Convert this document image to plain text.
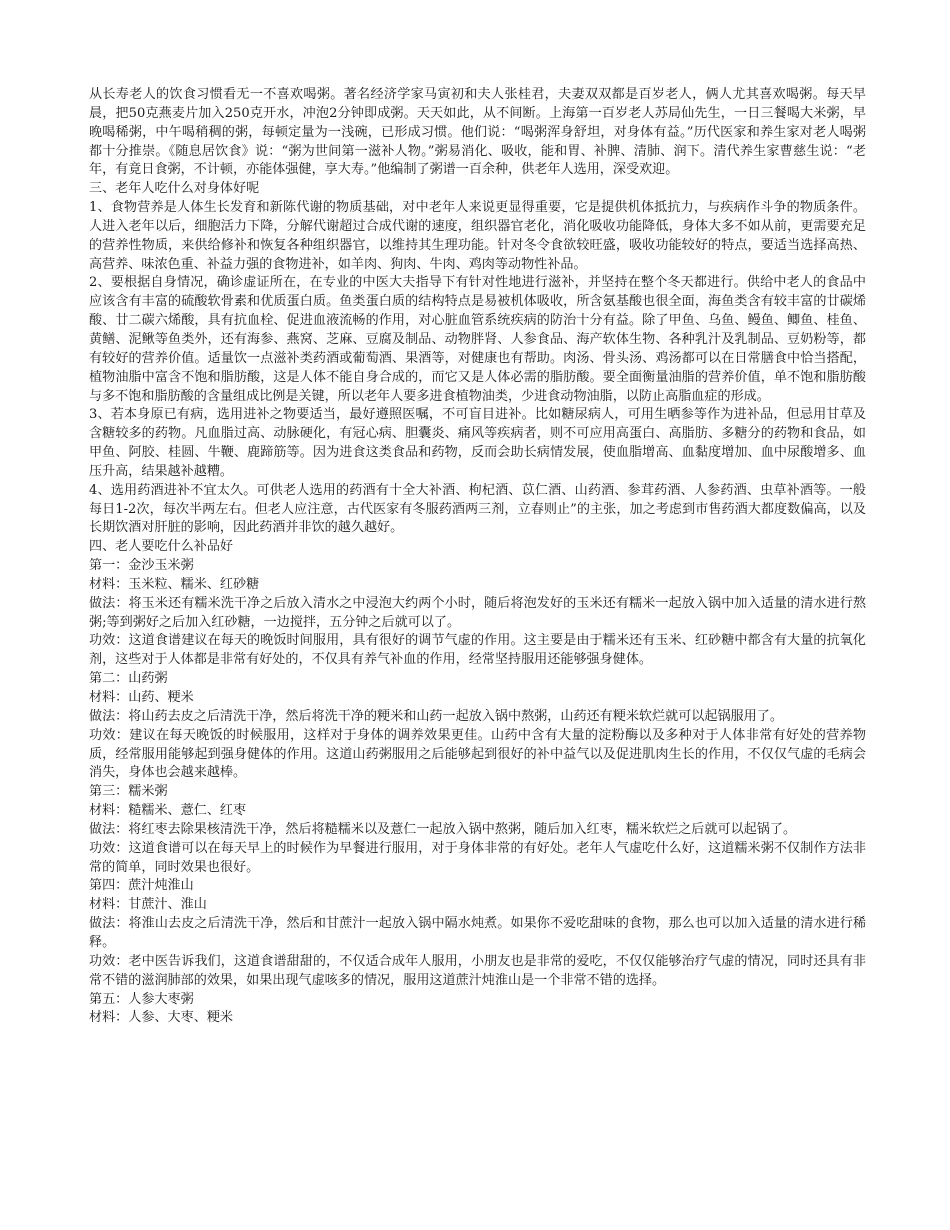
从长寿老人的饮食习惯看无一不喜欢喝粥。著名经济学家马寅初和夫人张桂君，夫妻双双都是百岁老人，俩人尤其喜欢喝粥。每天早晨，把50克燕麦片加入250克开水，冲泡2分钟即成粥。天天如此，从不间断。上海第一百岁老人苏局仙先生，一日三餐喝大米粥，早晚喝稀粥，中午喝稍稠的粥，每顿定量为一浅碗，已形成习惯。他们说：“喝粥浑身舒坦，对身体有益。”历代医家和养生家对老人喝粥都十分推崇。《随息居饮食》说：“粥为世间第一滋补人物。”粥易消化、吸收，能和胃、补脾、清肺、润下。清代养生家曹慈生说：“老年，有竟日食粥，不计顿，亦能体强健，享大寿。”他编制了粥谱一百余种，供老年人选用，深受欢迎。

三、老年人吃什么对身体好呢

1、食物营养是人体生长发育和新陈代谢的物质基础，对中老年人来说更显得重要，它是提供机体抵抗力，与疾病作斗争的物质条件。人进入老年以后，细胞活力下降，分解代谢超过合成代谢的速度，组织器官老化，消化吸收功能降低，身体大多不如从前，更需要充足的营养性物质，来供给修补和恢复各种组织器官，以维持其生理功能。针对冬令食欲较旺盛，吸收功能较好的特点，要适当选择高热、高营养、味浓色重、补益力强的食物进补，如羊肉、狗肉、牛肉、鸡肉等动物性补品。

2、要根据自身情况，确诊虚证所在，在专业的中医大夫指导下有针对性地进行滋补，并坚持在整个冬天都进行。供给中老人的食品中应该含有丰富的硫酸软骨素和优质蛋白质。鱼类蛋白质的结构特点是易被机体吸收，所含氨基酸也很全面，海鱼类含有较丰富的廿碳烯酸、廿二碳六烯酸，具有抗血栓、促进血液流畅的作用，对心脏血管系统疾病的防治十分有益。除了甲鱼、乌鱼、鳗鱼、鲫鱼、桂鱼、黄鳝、泥鳅等鱼类外，还有海参、燕窝、芝麻、豆腐及制品、动物胖肾、人参食品、海产软体生物、各种乳汁及乳制品、豆奶粉等，都有较好的营养价值。适量饮一点滋补类药酒或葡萄酒、果酒等，对健康也有帮助。肉汤、骨头汤、鸡汤都可以在日常膳食中恰当搭配，植物油脂中富含不饱和脂肪酸，这是人体不能自身合成的，而它又是人体必需的脂肪酸。要全面衡量油脂的营养价值，单不饱和脂肪酸与多不饱和脂肪酸的含量组成比例是关键，所以老年人要多进食植物油类，少进食动物油脂，以防止高脂血症的形成。

3、若本身原已有病，选用进补之物要适当，最好遵照医嘱，不可盲目进补。比如糖尿病人，可用生晒参等作为进补品，但忌用甘草及含糖较多的药物。凡血脂过高、动脉硬化，有冠心病、胆囊炎、痛风等疾病者，则不可应用高蛋白、高脂肪、多糖分的药物和食品，如甲鱼、阿胶、桂圆、牛鞭、鹿蹄筋等。因为进食这类食品和药物，反而会助长病情发展，使血脂增高、血黏度增加、血中尿酸增多、血压升高，结果越补越糟。

4、选用药酒进补不宜太久。可供老人选用的药酒有十全大补酒、枸杞酒、苡仁酒、山药酒、参茸药酒、人参药酒、虫草补酒等。一般每日1-2次，每次半两左右。但老人应注意，古代医家有冬服药酒两三剂，立春则止”的主张，加之考虑到市售药酒大都度数偏高，以及长期饮酒对肝脏的影响，因此药酒并非饮的越久越好。

四、老人要吃什么补品好

第一：金沙玉米粥

材料：玉米粒、糯米、红砂糖

做法：将玉米还有糯米洗干净之后放入清水之中浸泡大约两个小时，随后将泡发好的玉米还有糯米一起放入锅中加入适量的清水进行熬粥;等到粥好之后加入红砂糖，一边搅拌，五分钟之后就可以了。

功效：这道食谱建议在每天的晚饭时间服用，具有很好的调节气虚的作用。这主要是由于糯米还有玉米、红砂糖中都含有大量的抗氧化剂，这些对于人体都是非常有好处的，不仅具有养气补血的作用，经常坚持服用还能够强身健体。

第二：山药粥

材料：山药、粳米

做法：将山药去皮之后清洗干净，然后将洗干净的粳米和山药一起放入锅中熬粥，山药还有粳米软烂就可以起锅服用了。

功效：建议在每天晚饭的时候服用，这样对于身体的调养效果更佳。山药中含有大量的淀粉酶以及多种对于人体非常有好处的营养物质，经常服用能够起到强身健体的作用。这道山药粥服用之后能够起到很好的补中益气以及促进肌肉生长的作用，不仅仅气虚的毛病会消失，身体也会越来越棒。

第三：糯米粥

材料：糙糯米、薏仁、红枣

做法：将红枣去除果核清洗干净，然后将糙糯米以及薏仁一起放入锅中熬粥，随后加入红枣，糯米软烂之后就可以起锅了。

功效：这道食谱可以在每天早上的时候作为早餐进行服用，对于身体非常的有好处。老年人气虚吃什么好，这道糯米粥不仅制作方法非常的简单，同时效果也很好。

第四：蔗汁炖淮山

材料：甘蔗汁、淮山

做法：将淮山去皮之后清洗干净，然后和甘蔗汁一起放入锅中隔水炖煮。如果你不爱吃甜味的食物，那么也可以加入适量的清水进行稀释。

功效：老中医告诉我们，这道食谱甜甜的，不仅适合成年人服用，小朋友也是非常的爱吃，不仅仅能够治疗气虚的情况，同时还具有非常不错的滋润肺部的效果，如果出现气虚咳多的情况，服用这道蔗汁炖淮山是一个非常不错的选择。

第五：人参大枣粥

材料：人参、大枣、粳米
